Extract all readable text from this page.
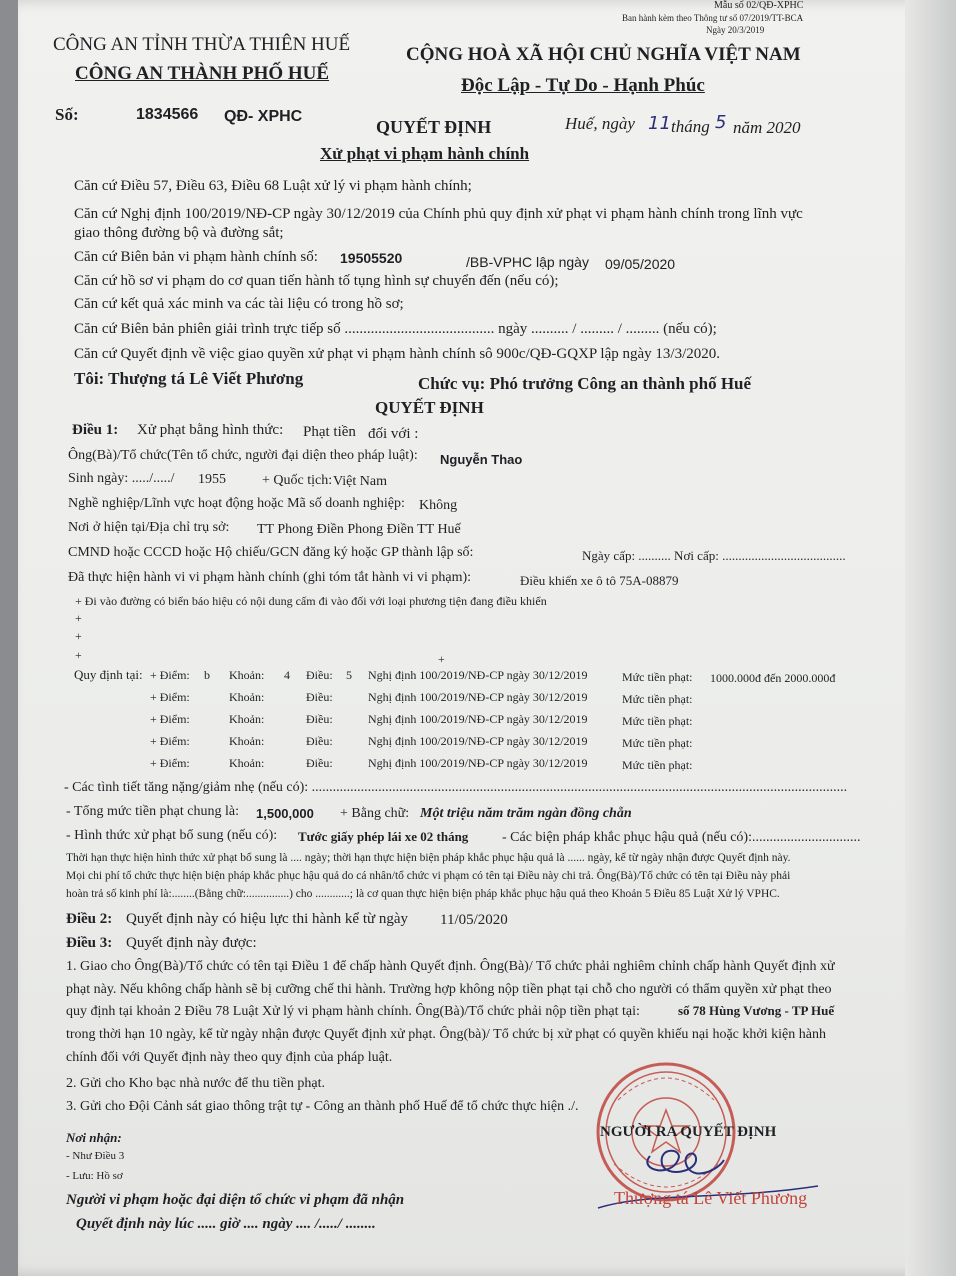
Mẫu số 02/QĐ-XPHC
Ban hành kèm theo Thông tư số 07/2019/TT-BCA
Ngày 20/3/2019
CÔNG AN TỈNH THỪA THIÊN HUẾ
CÔNG AN THÀNH PHỐ HUẾ
CỘNG HOÀ XÃ HỘI CHỦ NGHĨA VIỆT NAM
Độc Lập - Tự Do - Hạnh Phúc
Số:	1834566 QĐ- XPHC
QUYẾT ĐỊNH
Xử phạt vi phạm hành chính
Huế, ngày 11 tháng 5 năm 2020
Căn cứ Điều 57, Điều 63, Điều 68 Luật xử lý vi phạm hành chính;
Căn cứ Nghị định 100/2019/NĐ-CP ngày 30/12/2019 của Chính phủ quy định xử phạt vi phạm hành chính trong lĩnh vực
giao thông đường bộ và đường sắt;
Căn cứ Biên bản vi phạm hành chính số: 19505520	/BB-VPHC lập ngày 09/05/2020
Căn cứ hồ sơ vi phạm do cơ quan tiến hành tố tụng hình sự chuyển đến (nếu có);
Căn cứ kết quả xác minh va các tài liệu có trong hồ sơ;
Căn cứ Biên bản phiên giải trình trực tiếp số ........................................ ngày .......... / ......... / ......... (nếu có);
Căn cứ Quyết định về việc giao quyền xử phạt vi phạm hành chính sô 900c/QĐ-GQXP lập ngày 13/3/2020.
Tôi: Thượng tá Lê Viết Phương	Chức vụ: Phó trưởng Công an thành phố Huế
QUYẾT ĐỊNH
Điều 1: Xử phạt bằng hình thức: Phạt tiền đối với :
Ông(Bà)/Tổ chức(Tên tổ chức, người đại diện theo pháp luật): Nguyễn Thao
Sinh ngày: ...../...../ 1955	+ Quốc tịch: Việt Nam
Nghề nghiệp/Lĩnh vực hoạt động hoặc Mã số doanh nghiệp: Không
Nơi ở hiện tại/Địa chỉ trụ sở: TT Phong Điền Phong Điền TT Huế
CMND hoặc CCCD hoặc Hộ chiếu/GCN đăng ký hoặc GP thành lập số:	Ngày cấp: .......... Nơi cấp: ......................................
Đã thực hiện hành vi vi phạm hành chính (ghi tóm tắt hành vi vi phạm):	Điều khiển xe ô tô 75A-08879
+ Đi vào đường có biển báo hiệu có nội dung cấm đi vào đối với loại phương tiện đang điều khiển
+
+
+	+
Quy định tại: + Điểm: b Khoản: 4 Điều: 5 Nghị định 100/2019/NĐ-CP ngày 30/12/2019	Mức tiền phạt: 1000.000đ đến 2000.000đ
+ Điểm:	Khoản:	Điều:	Nghị định 100/2019/NĐ-CP ngày 30/12/2019	Mức tiền phạt:
+ Điểm:	Khoản:	Điều:	Nghị định 100/2019/NĐ-CP ngày 30/12/2019	Mức tiền phạt:
+ Điểm:	Khoản:	Điều:	Nghị định 100/2019/NĐ-CP ngày 30/12/2019	Mức tiền phạt:
+ Điểm:	Khoản:	Điều:	Nghị định 100/2019/NĐ-CP ngày 30/12/2019	Mức tiền phạt:
- Các tình tiết tăng nặng/giảm nhẹ (nếu có): .........................................................................................................................................................
- Tổng mức tiền phạt chung là: 1,500,000 + Bằng chữ: Một triệu năm trăm ngàn đồng chẵn
- Hình thức xử phạt bổ sung (nếu có): Tước giấy phép lái xe 02 tháng - Các biện pháp khắc phục hậu quả (nếu có):...............................
Thời hạn thực hiện hình thức xử phạt bổ sung là .... ngày; thời hạn thực hiện biện pháp khắc phục hậu quả là ...... ngày, kể từ ngày nhận được Quyết định này.
Mọi chi phí tổ chức thực hiện biện pháp khắc phục hậu quả do cá nhân/tổ chức vi phạm có tên tại Điều này chi trả. Ông(Bà)/Tổ chức có tên tại Điều này phải
hoàn trả số kinh phí là:........(Bằng chữ:...............) cho ............; là cơ quan thực hiện biện pháp khắc phục hậu quả theo Khoản 5 Điều 85 Luật Xử lý VPHC.
Điều 2: Quyết định này có hiệu lực thi hành kể từ ngày 11/05/2020
Điều 3: Quyết định này được:
1. Giao cho Ông(Bà)/Tổ chức có tên tại Điều 1 để chấp hành Quyết định. Ông(Bà)/ Tổ chức phải nghiêm chỉnh chấp hành Quyết định xử
phạt này. Nếu không chấp hành sẽ bị cưỡng chế thi hành. Trường hợp không nộp tiền phạt tại chỗ cho người có thẩm quyền xử phạt theo
quy định tại khoản 2 Điều 78 Luật Xử lý vi phạm hành chính. Ông(Bà)/Tổ chức phải nộp tiền phạt tại:	số 78 Hùng Vương - TP Huế
trong thời hạn 10 ngày, kể từ ngày nhận được Quyết định xử phạt. Ông(bà)/ Tổ chức bị xử phạt có quyền khiếu nại hoặc khởi kiện hành
chính đối với Quyết định này theo quy định của pháp luật.
2. Gửi cho Kho bạc nhà nước để thu tiền phạt.
3. Gửi cho Đội Cảnh sát giao thông trật tự - Công an thành phố Huế để tổ chức thực hiện ./.
Nơi nhận:
- Như Điều 3
- Lưu: Hồ sơ
Người vi phạm hoặc đại diện tổ chức vi phạm đã nhận
Quyết định này lúc ..... giờ .... ngày .... /...../ ........
NGƯỜI RA QUYẾT ĐỊNH
Thượng tá Lê Viết Phương
